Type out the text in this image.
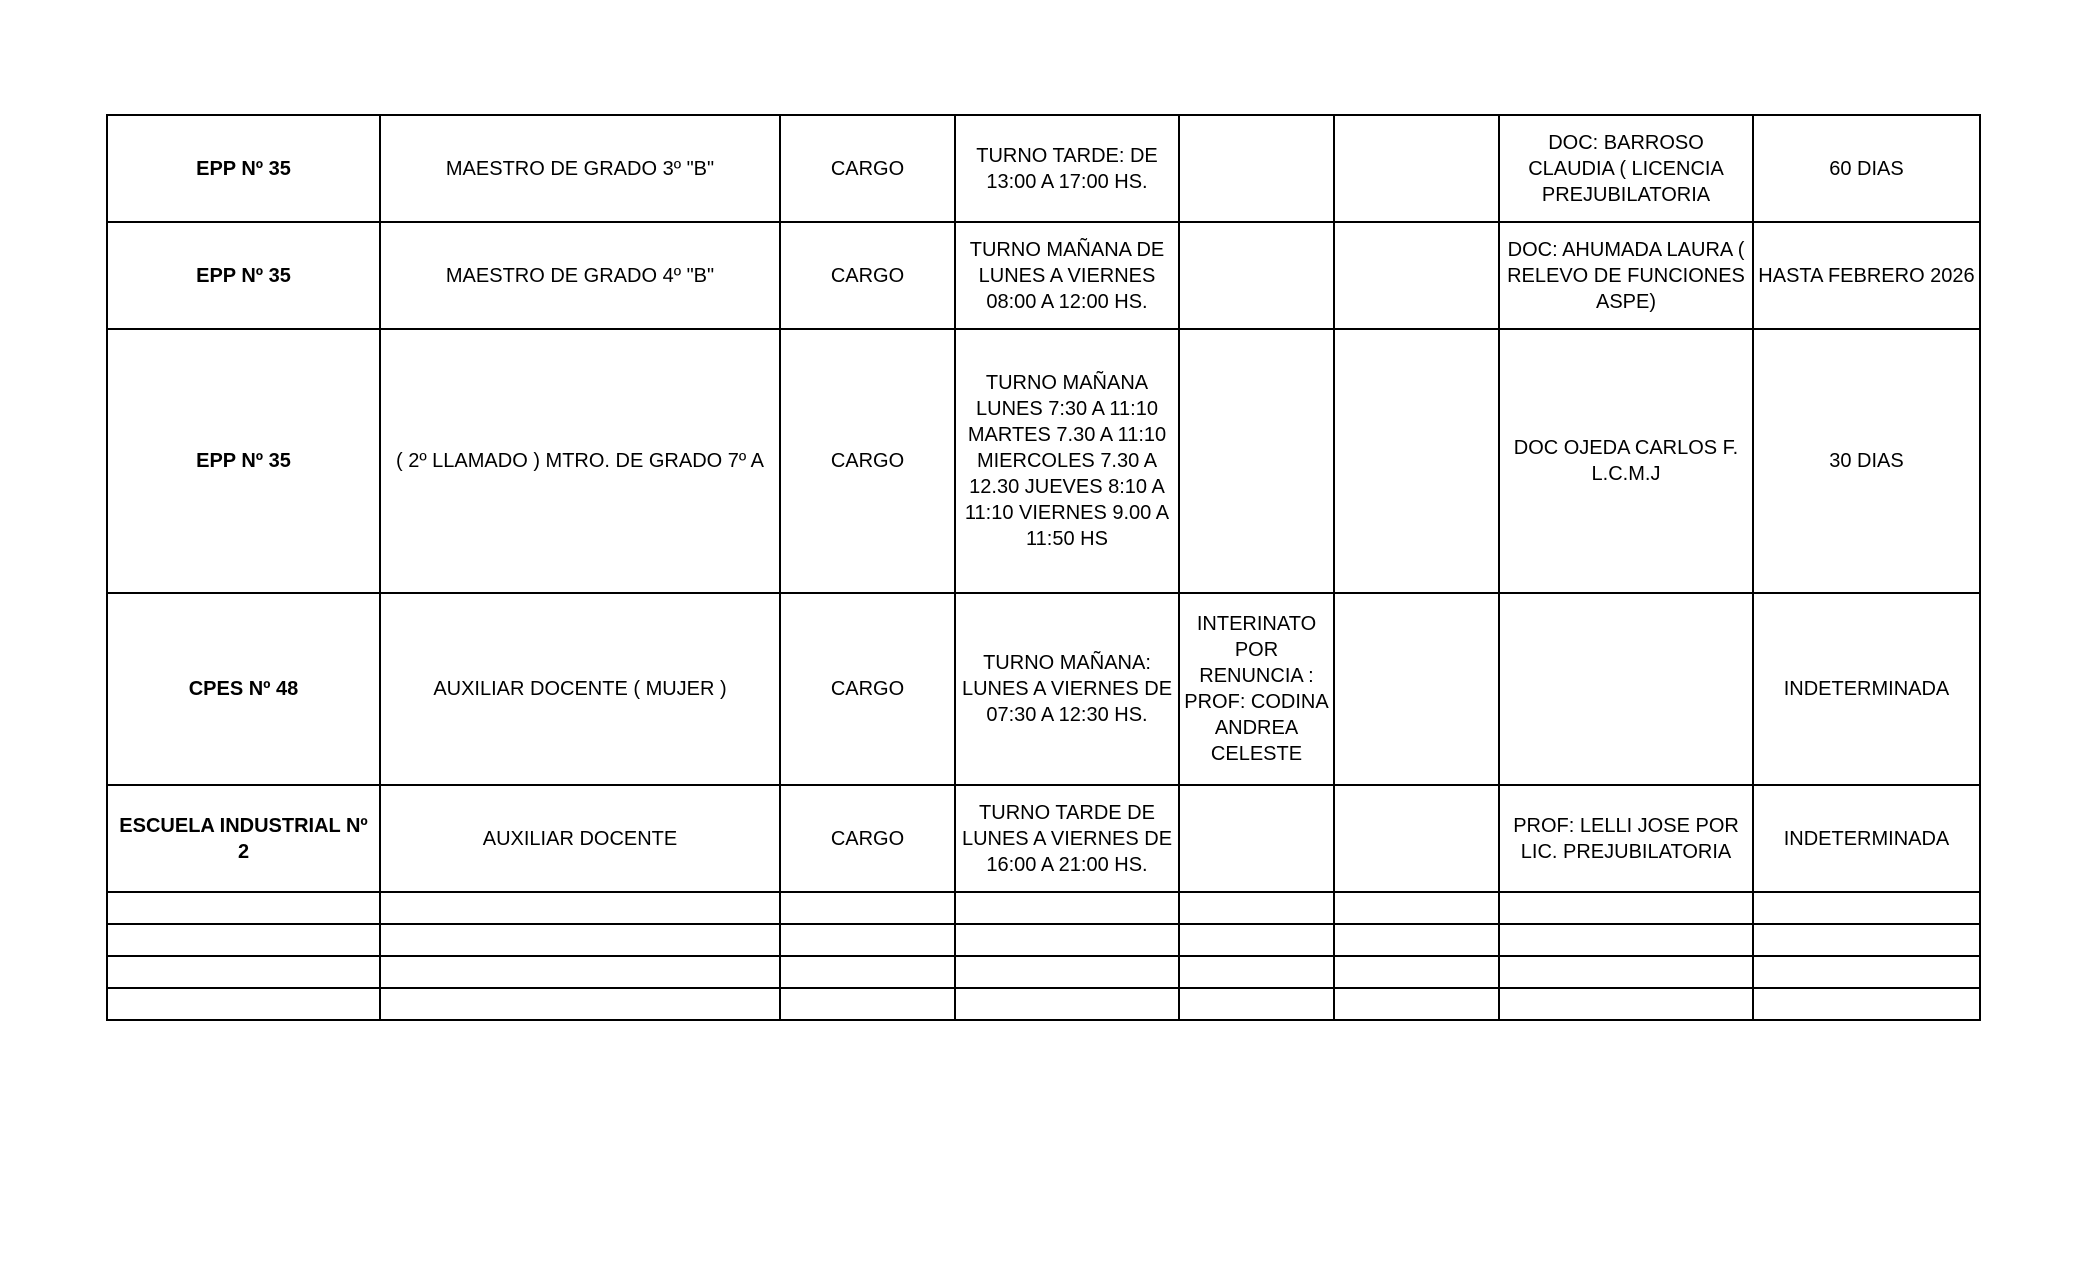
EPP Nº 35	MAESTRO DE GRADO 3º "B"	CARGO	TURNO TARDE: DE 13:00 A 17:00 HS.			DOC: BARROSO CLAUDIA ( LICENCIA PREJUBILATORIA	60 DIAS
EPP Nº 35	MAESTRO DE GRADO 4º "B"	CARGO	TURNO MAÑANA DE LUNES A VIERNES 08:00 A 12:00 HS.			DOC: AHUMADA LAURA ( RELEVO DE FUNCIONES ASPE)	HASTA FEBRERO 2026
EPP Nº 35	( 2º LLAMADO ) MTRO. DE GRADO 7º A	CARGO	TURNO MAÑANA LUNES 7:30 A 11:10 MARTES 7.30 A 11:10 MIERCOLES 7.30 A 12.30 JUEVES 8:10 A 11:10 VIERNES 9.00 A 11:50 HS			DOC OJEDA CARLOS F. L.C.M.J	30 DIAS
CPES Nº 48	AUXILIAR DOCENTE ( MUJER )	CARGO	TURNO MAÑANA: LUNES A VIERNES DE 07:30 A 12:30 HS.	INTERINATO POR RENUNCIA : PROF: CODINA ANDREA CELESTE			INDETERMINADA
ESCUELA INDUSTRIAL Nº 2	AUXILIAR DOCENTE	CARGO	TURNO TARDE DE LUNES A VIERNES DE 16:00 A 21:00 HS.			PROF: LELLI JOSE POR LIC. PREJUBILATORIA	INDETERMINADA
